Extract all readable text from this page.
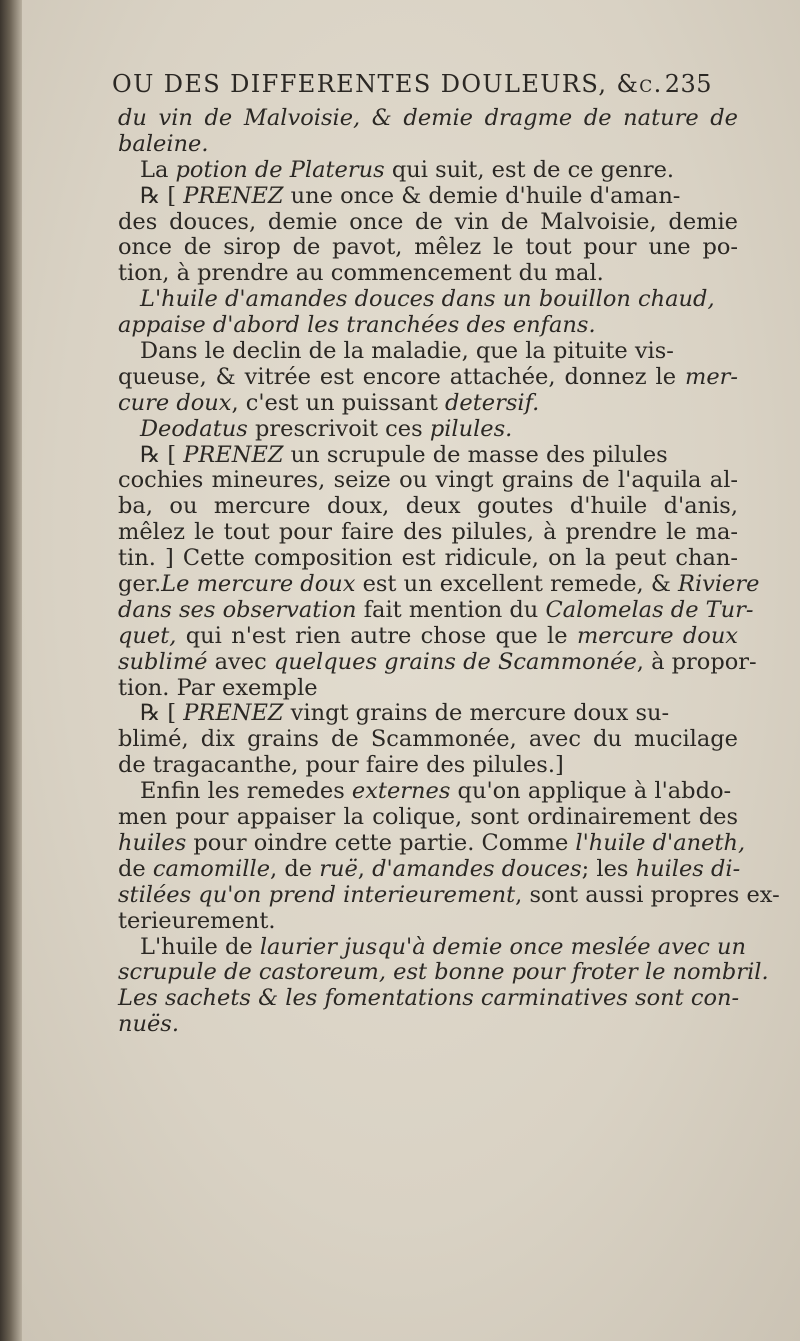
OU DES DIFFERENTES DOULEURS, &c. 235
du vin de Malvoisie, & demie dragme de nature de
baleine.
La potion de Platerus qui suit, est de ce genre.
℞ [ PRENEZ une once & demie d'huile d'aman-
des douces, demie once de vin de Malvoisie, demie
once de sirop de pavot, mêlez le tout pour une po-
tion, à prendre au commencement du mal.
L'huile d'amandes douces dans un bouillon chaud,
appaise d'abord les tranchées des enfans.
Dans le declin de la maladie, que la pituite vis-
queuse, & vitrée est encore attachée, donnez le mer-
cure doux, c'est un puissant detersif.
Deodatus prescrivoit ces pilules.
℞ [ PRENEZ un scrupule de masse des pilules
cochies mineures, seize ou vingt grains de l'aquila al-
ba, ou mercure doux, deux goutes d'huile d'anis,
mêlez le tout pour faire des pilules, à prendre le ma-
tin. ] Cette composition est ridicule, on la peut chan-
ger.Le mercure doux est un excellent remede, & Riviere
dans ses observation fait mention du Calomelas de Tur-
quet, qui n'est rien autre chose que le mercure doux
sublimé avec quelques grains de Scammonée, à propor-
tion. Par exemple
℞ [ PRENEZ vingt grains de mercure doux su-
blimé, dix grains de Scammonée, avec du mucilage
de tragacanthe, pour faire des pilules.]
Enfin les remedes externes qu'on applique à l'abdo-
men pour appaiser la colique, sont ordinairement des
huiles pour oindre cette partie. Comme l'huile d'aneth,
de camomille, de ruë, d'amandes douces; les huiles di-
stilées qu'on prend interieurement, sont aussi propres ex-
terieurement.
L'huile de laurier jusqu'à demie once meslée avec un
scrupule de castoreum, est bonne pour froter le nombril.
Les sachets & les fomentations carminatives sont con-
nuës.
